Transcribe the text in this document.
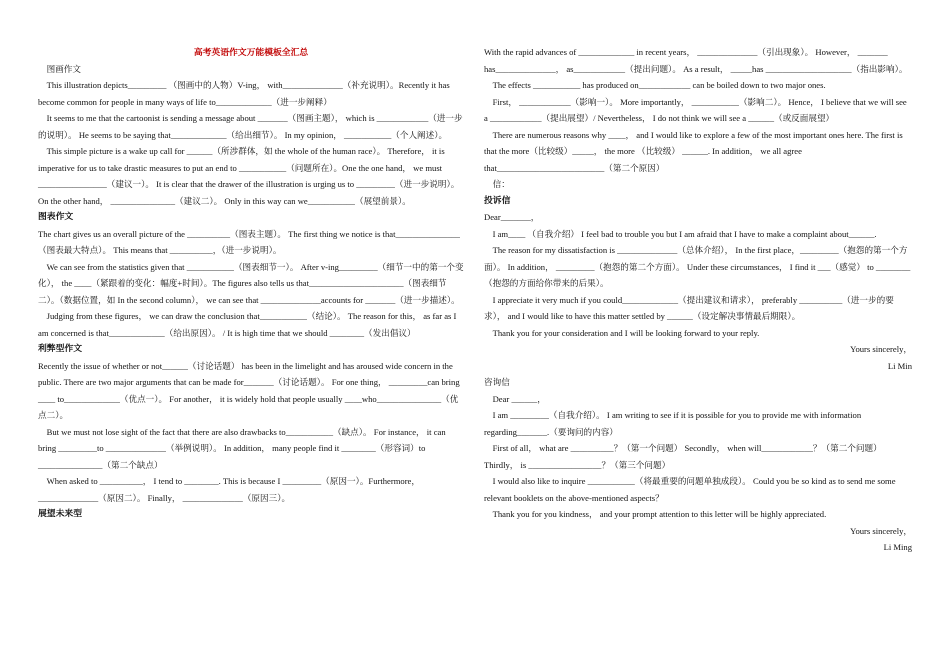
高考英语作文万能模板全汇总
　图画作文
　This illustration depicts_________ （图画中的人物）V-ing， with______________（补充说明）。Recently it has become common for people in many ways of life to_____________（进一步阐释）
　It seems to me that the cartoonist is sending a message about _______（图画主题）， which is ____________（进一步的说明）。 He seems to be saying that_____________（给出细节）。 In my opinion， ___________（个人阐述）。
　This simple picture is a wake up call for ______（所涉群体，如 the whole of the human race）。 Therefore， it is imperative for us to take drastic measures to put an end to ___________（问题所在）。One the one hand， we must ________________（建议一）。 It is clear that the drawer of the illustration is urging us to _________（进一步说明）。 On the other hand， _______________（建议二）。 Only in this way can we___________（展望前景）。
图表作文
The chart gives us an overall picture of the __________（图表主题）。 The first thing we notice is that_______________（图表最大特点）。 This means that __________，（进一步说明）。
　We can see from the statistics given that ___________（图表细节一）。 After v-ing_________（细节一中的第一个变化）， the ____（紧跟着的变化：幅度+时间）。The figures also tells us that______________________（图表细节二）。（数据位置，如 In the second column）， we can see that ______________accounts for _______（进一步描述）。
　Judging from these figures， we can draw the conclusion that___________（结论）。 The reason for this， as far as I am concerned is that_____________（给出原因）。 / It is high time that we should ________（发出倡议）
利弊型作文
Recently the issue of whether or not______（讨论话题） has been in the limelight and has aroused wide concern in the public. There are two major arguments that can be made for_______（讨论话题）。 For one thing， _________can bring ____ to_____________（优点一）。 For another， it is widely hold that people usually ____who_______________（优点二）。
　But we must not lose sight of the fact that there are also drawbacks to___________（缺点）。 For instance， it can bring _________to ______________（举例说明）。 In addition， many people find it ________（形容词）to _______________（第二个缺点）
　When asked to __________， I tend to ________. This is because I _________（原因一）。Furthermore， ______________（原因二）。 Finally， ______________（原因三）。
展望未来型
With the rapid advances of _____________ in recent years， ______________（引出现象）。 However， _______ has______________， as____________（提出问题）。 As a result， _____has ____________________（指出影响）。
　The effects ___________ has produced on____________ can be boiled down to two major ones.
　First， ____________（影响一）。 More importantly， ___________（影响二）。 Hence， I believe that we will see a ____________（提出展望）/ Nevertheless， I do not think we will see a ______（或反面展望）
　There are numerous reasons why ____， and I would like to explore a few of the most important ones here. The first is that the more（比较级）_____， the more （比较级） ______. In addition， we all agree that_________________________（第二个原因）
　信：
投诉信
Dear_______，
　I am____ （自我介绍） I feel bad to trouble you but I am afraid that I have to make a complaint about______.
　The reason for my dissatisfaction is ______________（总体介绍）， In the first place，_________（抱怨的第一个方面）。 In addition， _________（抱怨的第二个方面）。 Under these circumstances， I find it ___（感觉） to ________（抱怨的方面给你带来的后果）。
　I appreciate it very much if you could_____________（提出建议和请求）， preferably __________（进一步的要求）， and I would like to have this matter settled by ______（设定解决事情最后期限）。
　Thank you for your consideration and I will be looking forward to your reply.
Yours sincerely，
Li Min
咨询信
　Dear ______，
　I am _________（自我介绍）。 I am writing to see if it is possible for you to provide me with information regarding_______.（要询问的内容）
　First of all， what are __________？（第一个问题） Secondly， when will____________？（第二个问题） Thirdly， is _________________？（第三个问题）
　I would also like to inquire ___________（将最重要的问题单独成段）。 Could you be so kind as to send me some relevant booklets on the above-mentioned aspects？
　Thank you for you kindness， and your prompt attention to this letter will be highly appreciated.
Yours sincerely，
Li Ming
